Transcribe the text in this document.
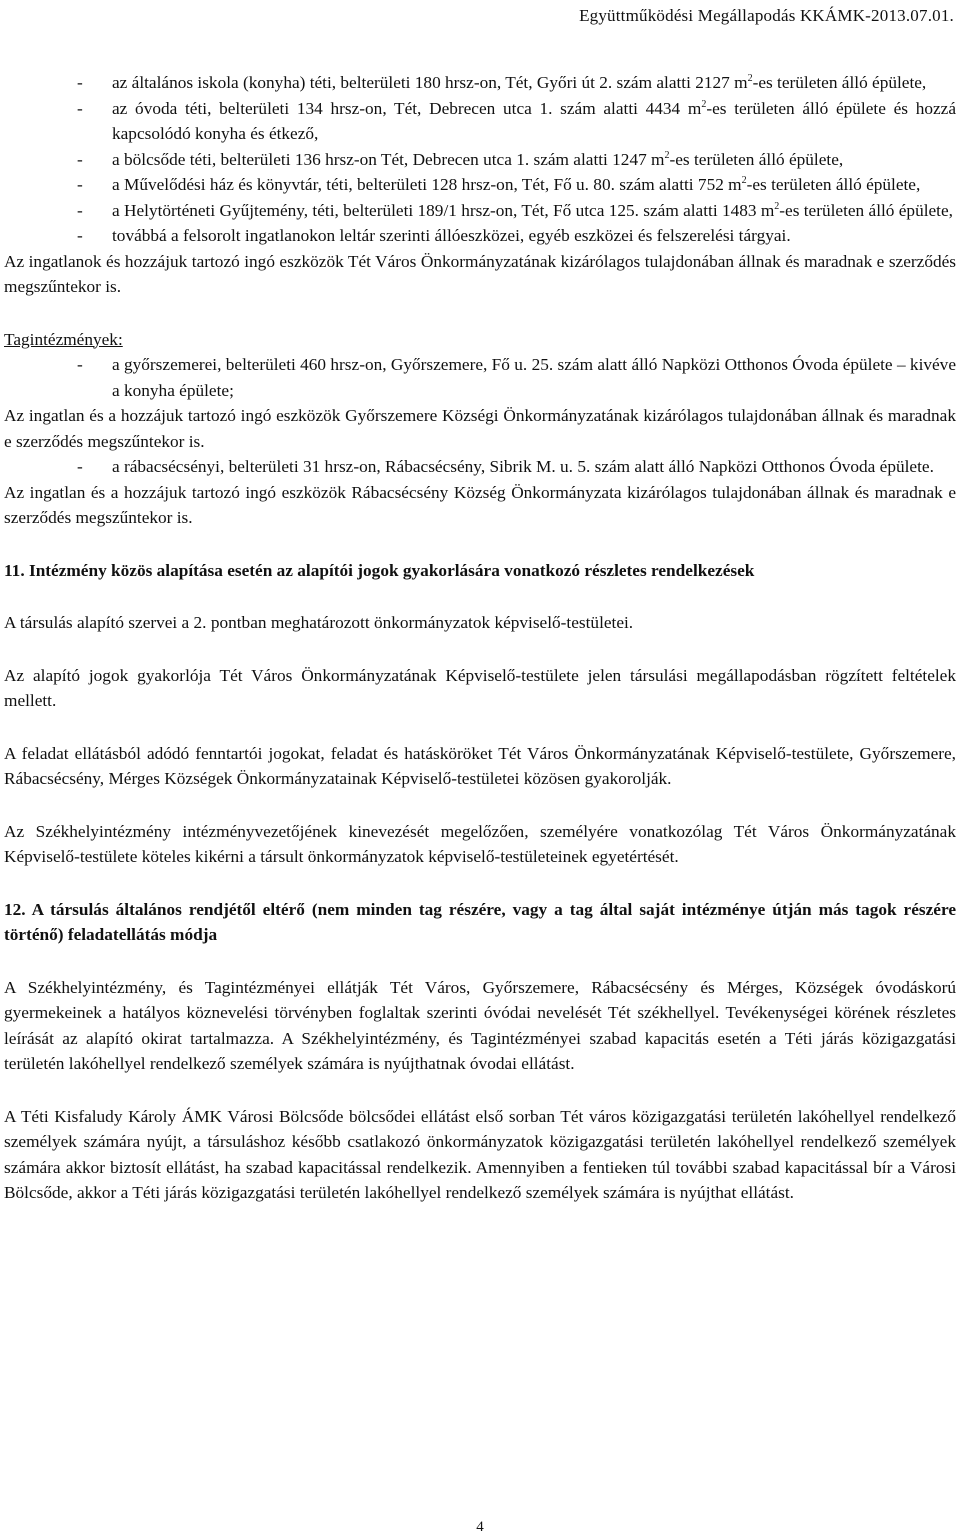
Együttműködési Megállapodás KKÁMK-2013.07.01.
- az általános iskola (konyha) téti, belterületi 180 hrsz-on, Tét, Győri út 2. szám alatti 2127 $m^2-es$ területen álló épülete,
- az óvoda téti, belterületi 134 hrsz-on, Tét, Debrecen utca 1. szám alatti 4434 $m^2-es$ területen álló épülete és hozzá kapcsolódó konyha és étkező,
- a bölcsőde téti, belterületi 136 hrsz-on Tét, Debrecen utca 1. szám alatti 1247 $m^2-es$ területen álló épülete,
- a Művelődési ház és könyvtár, téti, belterületi 128 hrsz-on, Tét, Fő u. 80. szám alatti 752 $m^2-es$ területen álló épülete,
- a Helytörténeti Gyűjtemény, téti, belterületi 189/1 hrsz-on, Tét, Fő utca 125. szám alatti 1483 $m^2-es$ területen álló épülete,
- továbbá a felsorolt ingatlanokon leltár szerinti állóeszközei, egyéb eszközei és felszerelési tárgyai.

Az ingatlanok és hozzájuk tartozó ingó eszközök Tét Város Önkormányzatának kizárólagos tulajdonában állnak és maradnak e szerződés megszűntekor is.

Tagintézmények:

- a győrszemerei, belterületi 460 hrsz-on, Győrszemere, Fő u. 25. szám alatt álló Napközi Otthonos Óvoda épülete – kivéve a konyha épülete;

Az ingatlan és a hozzájuk tartozó ingó eszközök Győrszemere Községi Önkormányzatának kizárólagos tulajdonában állnak és maradnak e szerződés megszűntekor is.

- a rábacsécsényi, belterületi 31 hrsz-on, Rábacsécsény, Sibrik M. u. 5. szám alatt álló Napközi Otthonos Óvoda épülete.

Az ingatlan és a hozzájuk tartozó ingó eszközök Rábacsécsény Község Önkormányzata kizárólagos tulajdonában állnak és maradnak e szerződés megszűntekor is.

11. Intézmény közös alapítása esetén az alapítói jogok gyakorlására vonatkozó részletes rendelkezések

A társulás alapító szervei a 2. pontban meghatározott önkormányzatok képviselő-testületei.

Az alapító jogok gyakorlója Tét Város Önkormányzatának Képviselő-testülete jelen társulási megállapodásban rögzített feltételek mellett.

A feladat ellátásból adódó fenntartói jogokat, feladat és hatásköröket Tét Város Önkormányzatának Képviselő-testülete, Győrszemere, Rábacsécsény, Mérges Községek Önkormányzatainak Képviselő-testületei közösen gyakorolják.

Az Székhelyintézmény intézményvezetőjének kinevezését megelőzően, személyére vonatkozólag Tét Város Önkormányzatának Képviselő-testülete köteles kikérni a társult önkormányzatok képviselő-testületeinek egyetértését.

12. A társulás általános rendjétől eltérő (nem minden tag részére, vagy a tag által saját intézménye útján más tagok részére történő) feladatellátás módja

A Székhelyintézmény, és Tagintézményei ellátják Tét Város, Győrszemere, Rábacsécsény és Mérges, Községek óvodáskorú gyermekeinek a hatályos köznevelési törvényben foglaltak szerinti óvódai nevelését Tét székhellyel. Tevékenységei körének részletes leírását az alapító okirat tartalmazza. A Székhelyintézmény, és Tagintézményei szabad kapacitás esetén a Téti járás közigazgatási területén lakóhellyel rendelkező személyek számára is nyújthatnak óvodai ellátást.

A Téti Kisfaludy Károly ÁMK Városi Bölcsőde bölcsődei ellátást első sorban Tét város közigazgatási területén lakóhellyel rendelkező személyek számára nyújt, a társuláshoz később csatlakozó önkormányzatok közigazgatási területén lakóhellyel rendelkező személyek számára akkor biztosít ellátást, ha szabad kapacitással rendelkezik. Amennyiben a fentieken túl további szabad kapacitással bír a Városi Bölcsőde, akkor a Téti járás közigazgatási területén lakóhellyel rendelkező személyek számára is nyújthat ellátást.

4
